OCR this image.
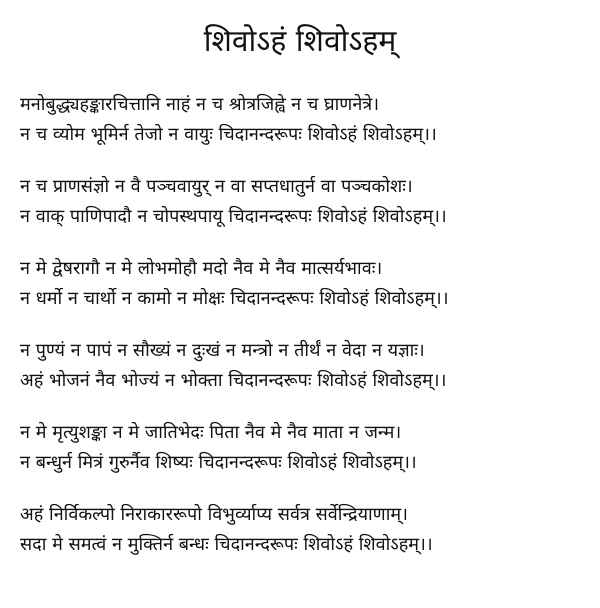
शिवोऽहं शिवोऽहम्
मनोबुद्ध्यहङ्कारचित्तानि नाहं न च श्रोत्रजिह्वे न च घ्राणनेत्रे।
न च व्योम भूमिर्न तेजो न वायुः चिदानन्दरूपः शिवोऽहं शिवोऽहम्।।
न च प्राणसंज्ञो न वै पञ्चवायुर् न वा सप्तधातुर्न वा पञ्चकोशः।
न वाक् पाणिपादौ न चोपस्थपायू चिदानन्दरूपः शिवोऽहं शिवोऽहम्।।
न मे द्वेषरागौ न मे लोभमोहौ मदो नैव मे नैव मात्सर्यभावः।
न धर्मो न चार्थो न कामो न मोक्षः चिदानन्दरूपः शिवोऽहं शिवोऽहम्।।
न पुण्यं न पापं न सौख्यं न दुःखं न मन्त्रो न तीर्थं न वेदा न यज्ञाः।
अहं भोजनं नैव भोज्यं न भोक्ता चिदानन्दरूपः शिवोऽहं शिवोऽहम्।।
न मे मृत्युशङ्का न मे जातिभेदः पिता नैव मे नैव माता न जन्म।
न बन्धुर्न मित्रं गुरुर्नैव शिष्यः चिदानन्दरूपः शिवोऽहं शिवोऽहम्।।
अहं निर्विकल्पो निराकाररूपो विभुर्व्याप्य सर्वत्र सर्वेन्द्रियाणाम्।
सदा मे समत्वं न मुक्तिर्न बन्धः चिदानन्दरूपः शिवोऽहं शिवोऽहम्।।
